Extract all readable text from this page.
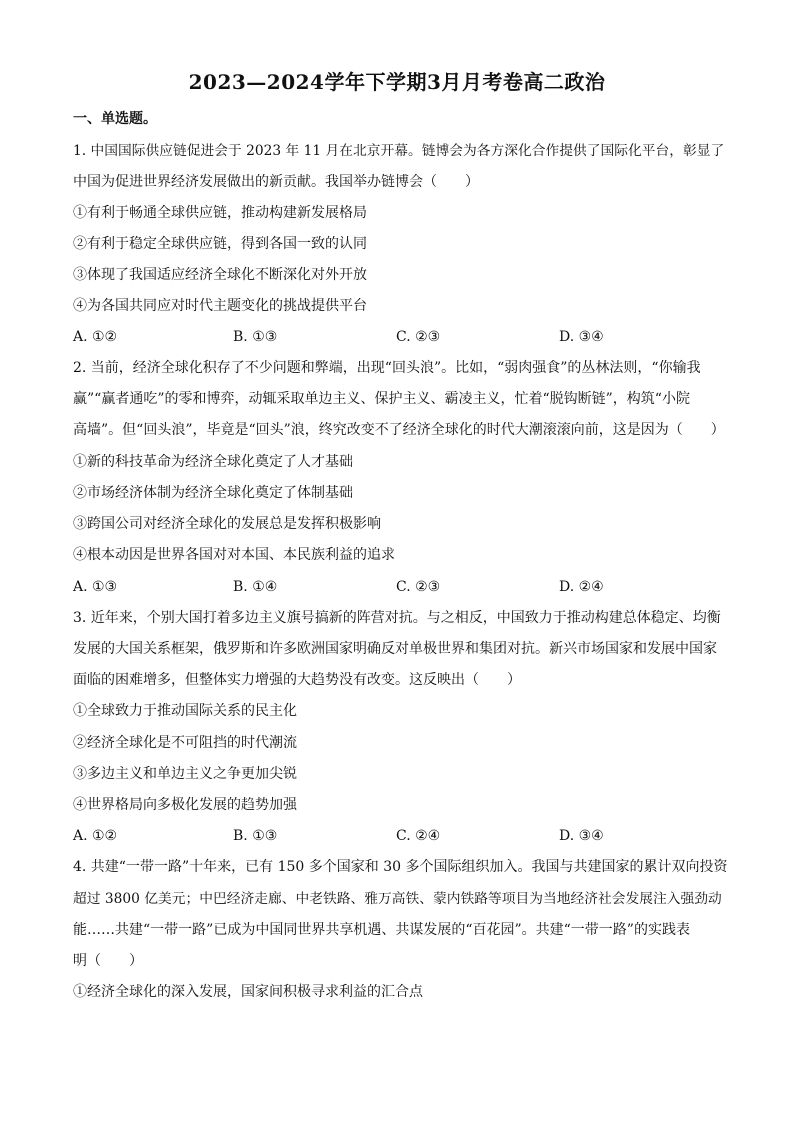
2023—2024学年下学期3月月考卷高二政治
一、单选题。
1. 中国国际供应链促进会于 2023 年 11 月在北京开幕。链博会为各方深化合作提供了国际化平台，彰显了
中国为促进世界经济发展做出的新贡献。我国举办链博会（　　）
①有利于畅通全球供应链，推动构建新发展格局
②有利于稳定全球供应链，得到各国一致的认同
③体现了我国适应经济全球化不断深化对外开放
④为各国共同应对时代主题变化的挑战提供平台
A. ①②	B. ①③	C. ②③	D. ③④
2. 当前，经济全球化积存了不少问题和弊端，出现“回头浪”。比如，“弱肉强食”的丛林法则，“你输我
赢”“赢者通吃”的零和博弈，动辄采取单边主义、保护主义、霸凌主义，忙着“脱钩断链”，构筑“小院
高墙”。但“回头浪”，毕竟是“回头”浪，终究改变不了经济全球化的时代大潮滚滚向前，这是因为（　　）
①新的科技革命为经济全球化奠定了人才基础
②市场经济体制为经济全球化奠定了体制基础
③跨国公司对经济全球化的发展总是发挥积极影响
④根本动因是世界各国对对本国、本民族利益的追求
A. ①③	B. ①④	C. ②③	D. ②④
3. 近年来，个别大国打着多边主义旗号搞新的阵营对抗。与之相反，中国致力于推动构建总体稳定、均衡
发展的大国关系框架，俄罗斯和许多欧洲国家明确反对单极世界和集团对抗。新兴市场国家和发展中国家
面临的困难增多，但整体实力增强的大趋势没有改变。这反映出（　　）
①全球致力于推动国际关系的民主化
②经济全球化是不可阻挡的时代潮流
③多边主义和单边主义之争更加尖锐
④世界格局向多极化发展的趋势加强
A. ①②	B. ①③	C. ②④	D. ③④
4. 共建“一带一路”十年来，已有 150 多个国家和 30 多个国际组织加入。我国与共建国家的累计双向投资
超过 3800 亿美元；中巴经济走廊、中老铁路、雅万高铁、蒙内铁路等项目为当地经济社会发展注入强劲动
能……共建“一带一路”已成为中国同世界共享机遇、共谋发展的“百花园”。共建“一带一路”的实践表
明（　　）
①经济全球化的深入发展，国家间积极寻求利益的汇合点
